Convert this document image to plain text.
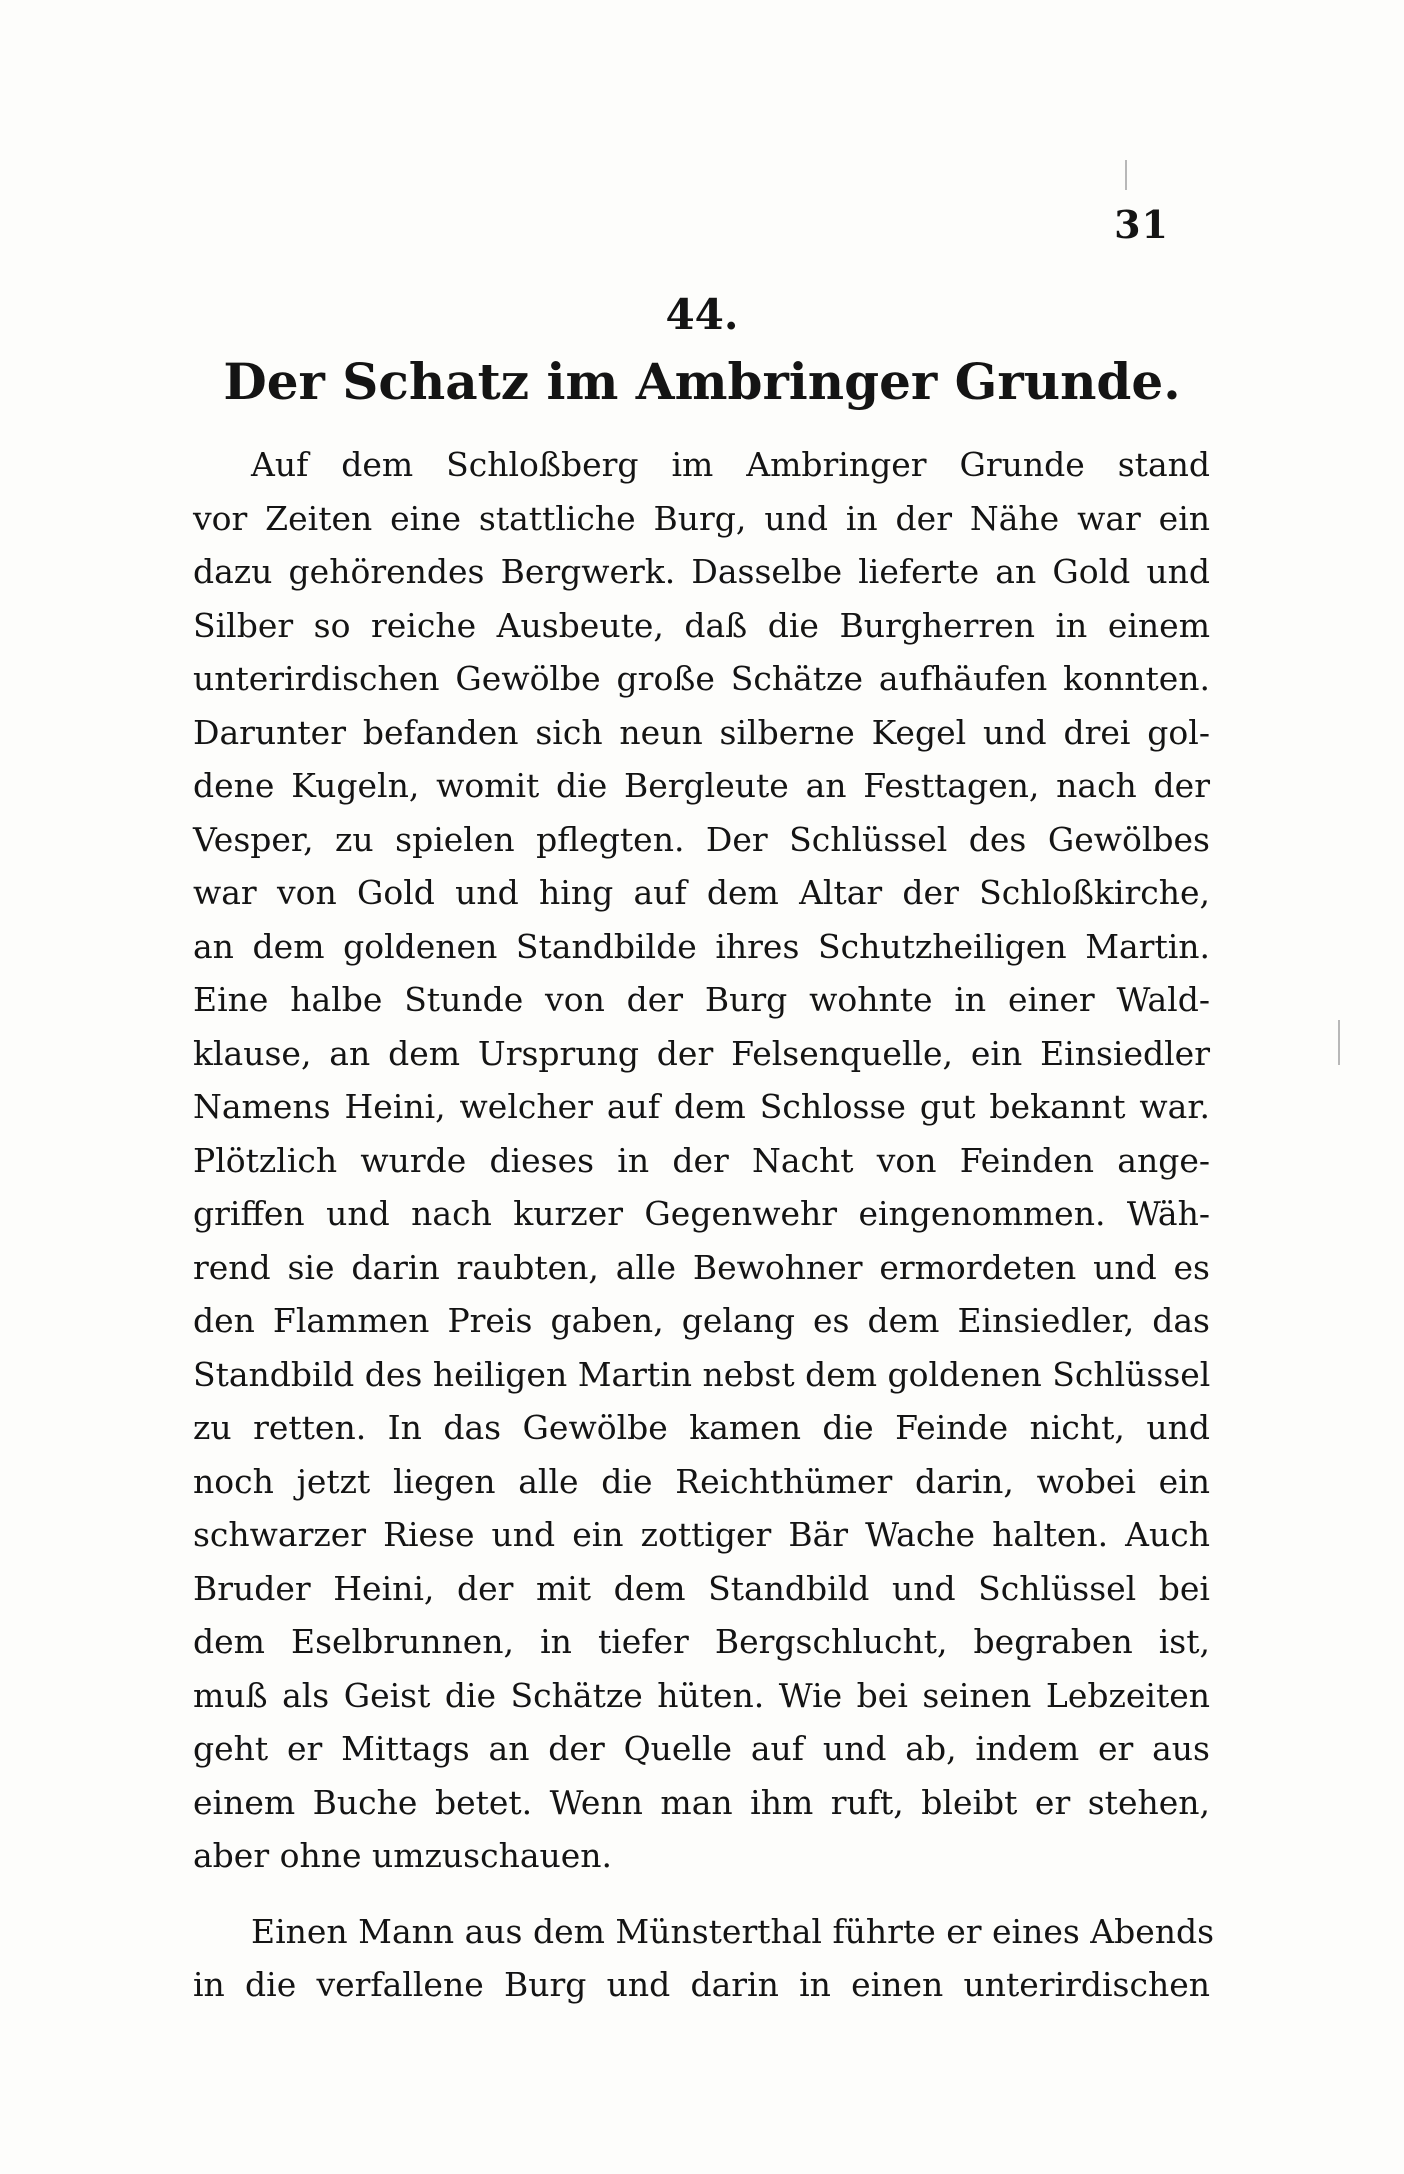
31
44.
Der Schatz im Ambringer Grunde.
Auf dem Schloßberg im Ambringer Grunde stand
vor Zeiten eine stattliche Burg, und in der Nähe war ein
dazu gehörendes Bergwerk. Dasselbe lieferte an Gold und
Silber so reiche Ausbeute, daß die Burgherren in einem
unterirdischen Gewölbe große Schätze aufhäufen konnten.
Darunter befanden sich neun silberne Kegel und drei gol-
dene Kugeln, womit die Bergleute an Festtagen, nach der
Vesper, zu spielen pflegten. Der Schlüssel des Gewölbes
war von Gold und hing auf dem Altar der Schloßkirche,
an dem goldenen Standbilde ihres Schutzheiligen Martin.
Eine halbe Stunde von der Burg wohnte in einer Wald-
klause, an dem Ursprung der Felsenquelle, ein Einsiedler
Namens Heini, welcher auf dem Schlosse gut bekannt war.
Plötzlich wurde dieses in der Nacht von Feinden ange-
griffen und nach kurzer Gegenwehr eingenommen. Wäh-
rend sie darin raubten, alle Bewohner ermordeten und es
den Flammen Preis gaben, gelang es dem Einsiedler, das
Standbild des heiligen Martin nebst dem goldenen Schlüssel
zu retten. In das Gewölbe kamen die Feinde nicht, und
noch jetzt liegen alle die Reichthümer darin, wobei ein
schwarzer Riese und ein zottiger Bär Wache halten. Auch
Bruder Heini, der mit dem Standbild und Schlüssel bei
dem Eselbrunnen, in tiefer Bergschlucht, begraben ist,
muß als Geist die Schätze hüten. Wie bei seinen Lebzeiten
geht er Mittags an der Quelle auf und ab, indem er aus
einem Buche betet. Wenn man ihm ruft, bleibt er stehen,
aber ohne umzuschauen.
Einen Mann aus dem Münsterthal führte er eines Abends
in die verfallene Burg und darin in einen unterirdischen
